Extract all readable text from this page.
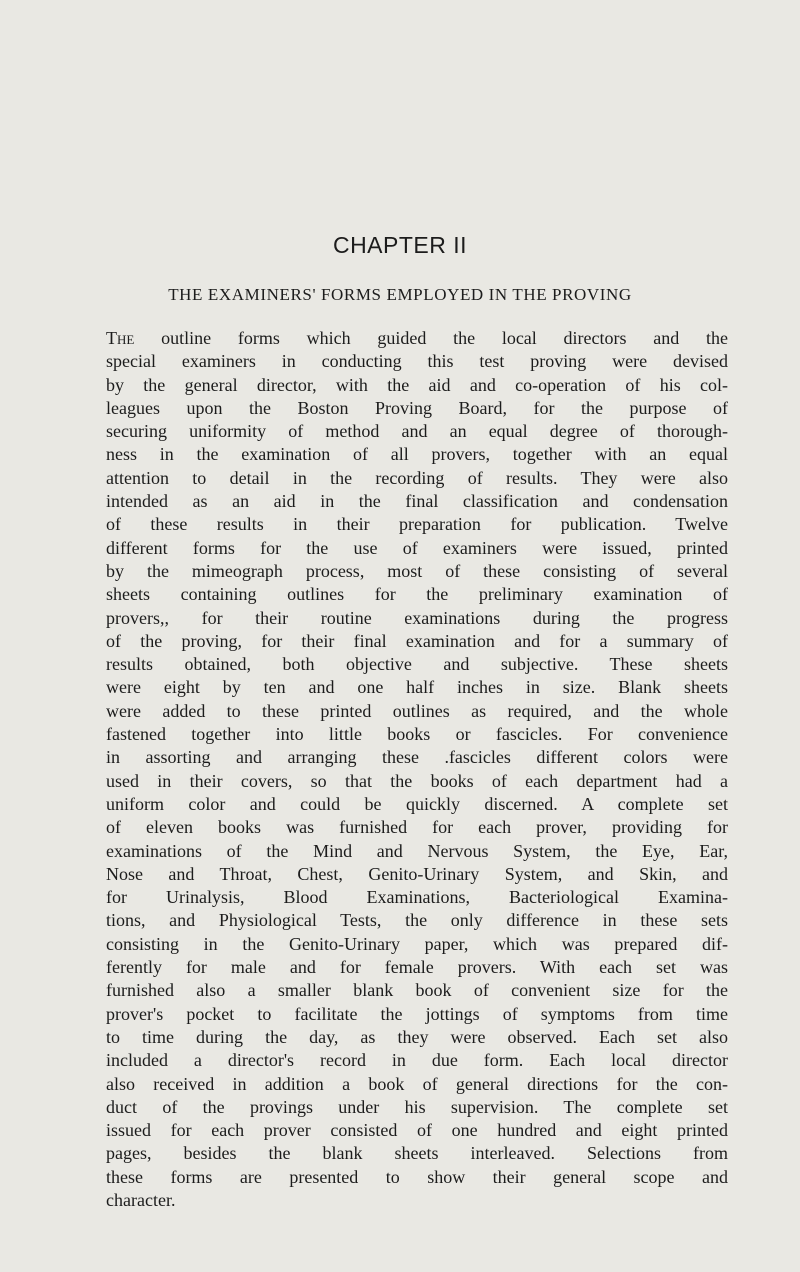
CHAPTER II
THE EXAMINERS' FORMS EMPLOYED IN THE PROVING
The outline forms which guided the local directors and the
special examiners in conducting this test proving were devised
by the general director, with the aid and co-operation of his col-
leagues upon the Boston Proving Board, for the purpose of
securing uniformity of method and an equal degree of thorough-
ness in the examination of all provers, together with an equal
attention to detail in the recording of results. They were also
intended as an aid in the final classification and condensation
of these results in their preparation for publication. Twelve
different forms for the use of examiners were issued, printed
by the mimeograph process, most of these consisting of several
sheets containing outlines for the preliminary examination of
provers,, for their routine examinations during the progress
of the proving, for their final examination and for a summary of
results obtained, both objective and subjective. These sheets
were eight by ten and one half inches in size. Blank sheets
were added to these printed outlines as required, and the whole
fastened together into little books or fascicles. For convenience
in assorting and arranging these .fascicles different colors were
used in their covers, so that the books of each department had a
uniform color and could be quickly discerned. A complete set
of eleven books was furnished for each prover, providing for
examinations of the Mind and Nervous System, the Eye, Ear,
Nose and Throat, Chest, Genito-Urinary System, and Skin, and
for Urinalysis, Blood Examinations, Bacteriological Examina-
tions, and Physiological Tests, the only difference in these sets
consisting in the Genito-Urinary paper, which was prepared dif-
ferently for male and for female provers. With each set was
furnished also a smaller blank book of convenient size for the
prover's pocket to facilitate the jottings of symptoms from time
to time during the day, as they were observed. Each set also
included a director's record in due form. Each local director
also received in addition a book of general directions for the con-
duct of the provings under his supervision. The complete set
issued for each prover consisted of one hundred and eight printed
pages, besides the blank sheets interleaved. Selections from
these forms are presented to show their general scope and
character.
